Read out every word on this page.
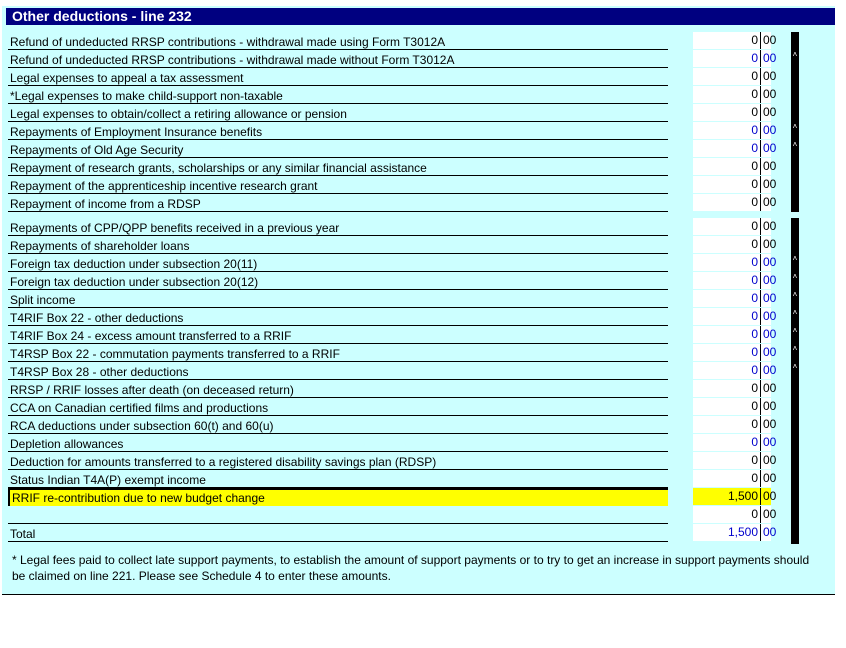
Other deductions - line 232
Refund of undeducted RRSP contributions - withdrawal made using Form T3012A	0 00
Refund of undeducted RRSP contributions - withdrawal made without Form T3012A	0 00 ˄
Legal expenses to appeal a tax assessment	0 00
*Legal expenses to make child-support non-taxable	0 00
Legal expenses to obtain/collect a retiring allowance or pension	0 00
Repayments of Employment Insurance benefits	0 00 ˄
Repayments of Old Age Security	0 00 ˄
Repayment of research grants, scholarships or any similar financial assistance	0 00
Repayment of the apprenticeship incentive research grant	0 00
Repayment of income from a RDSP	0 00
Repayments of CPP/QPP benefits received in a previous year	0 00
Repayments of shareholder loans	0 00
Foreign tax deduction under subsection 20(11)	0 00 ˄
Foreign tax deduction under subsection 20(12)	0 00 ˄
Split income	0 00 ˄
T4RIF Box 22 - other deductions	0 00 ˄
T4RIF Box 24 - excess amount transferred to a RRIF	0 00 ˄
T4RSP Box 22 - commutation payments transferred to a RRIF	0 00 ˄
T4RSP Box 28 - other deductions	0 00 ˄
RRSP / RRIF losses after death (on deceased return)	0 00
CCA on Canadian certified films and productions	0 00
RCA deductions under subsection 60(t) and 60(u)	0 00
Depletion allowances	0 00
Deduction for amounts transferred to a registered disability savings plan (RDSP)	0 00
Status Indian T4A(P) exempt income	0 00
RRIF re-contribution due to new budget change	1,500 00
0 00
Total	1,500 00
* Legal fees paid to collect late support payments, to establish the amount of support payments or to try to get an increase in support payments should be claimed on line 221. Please see Schedule 4 to enter these amounts.
